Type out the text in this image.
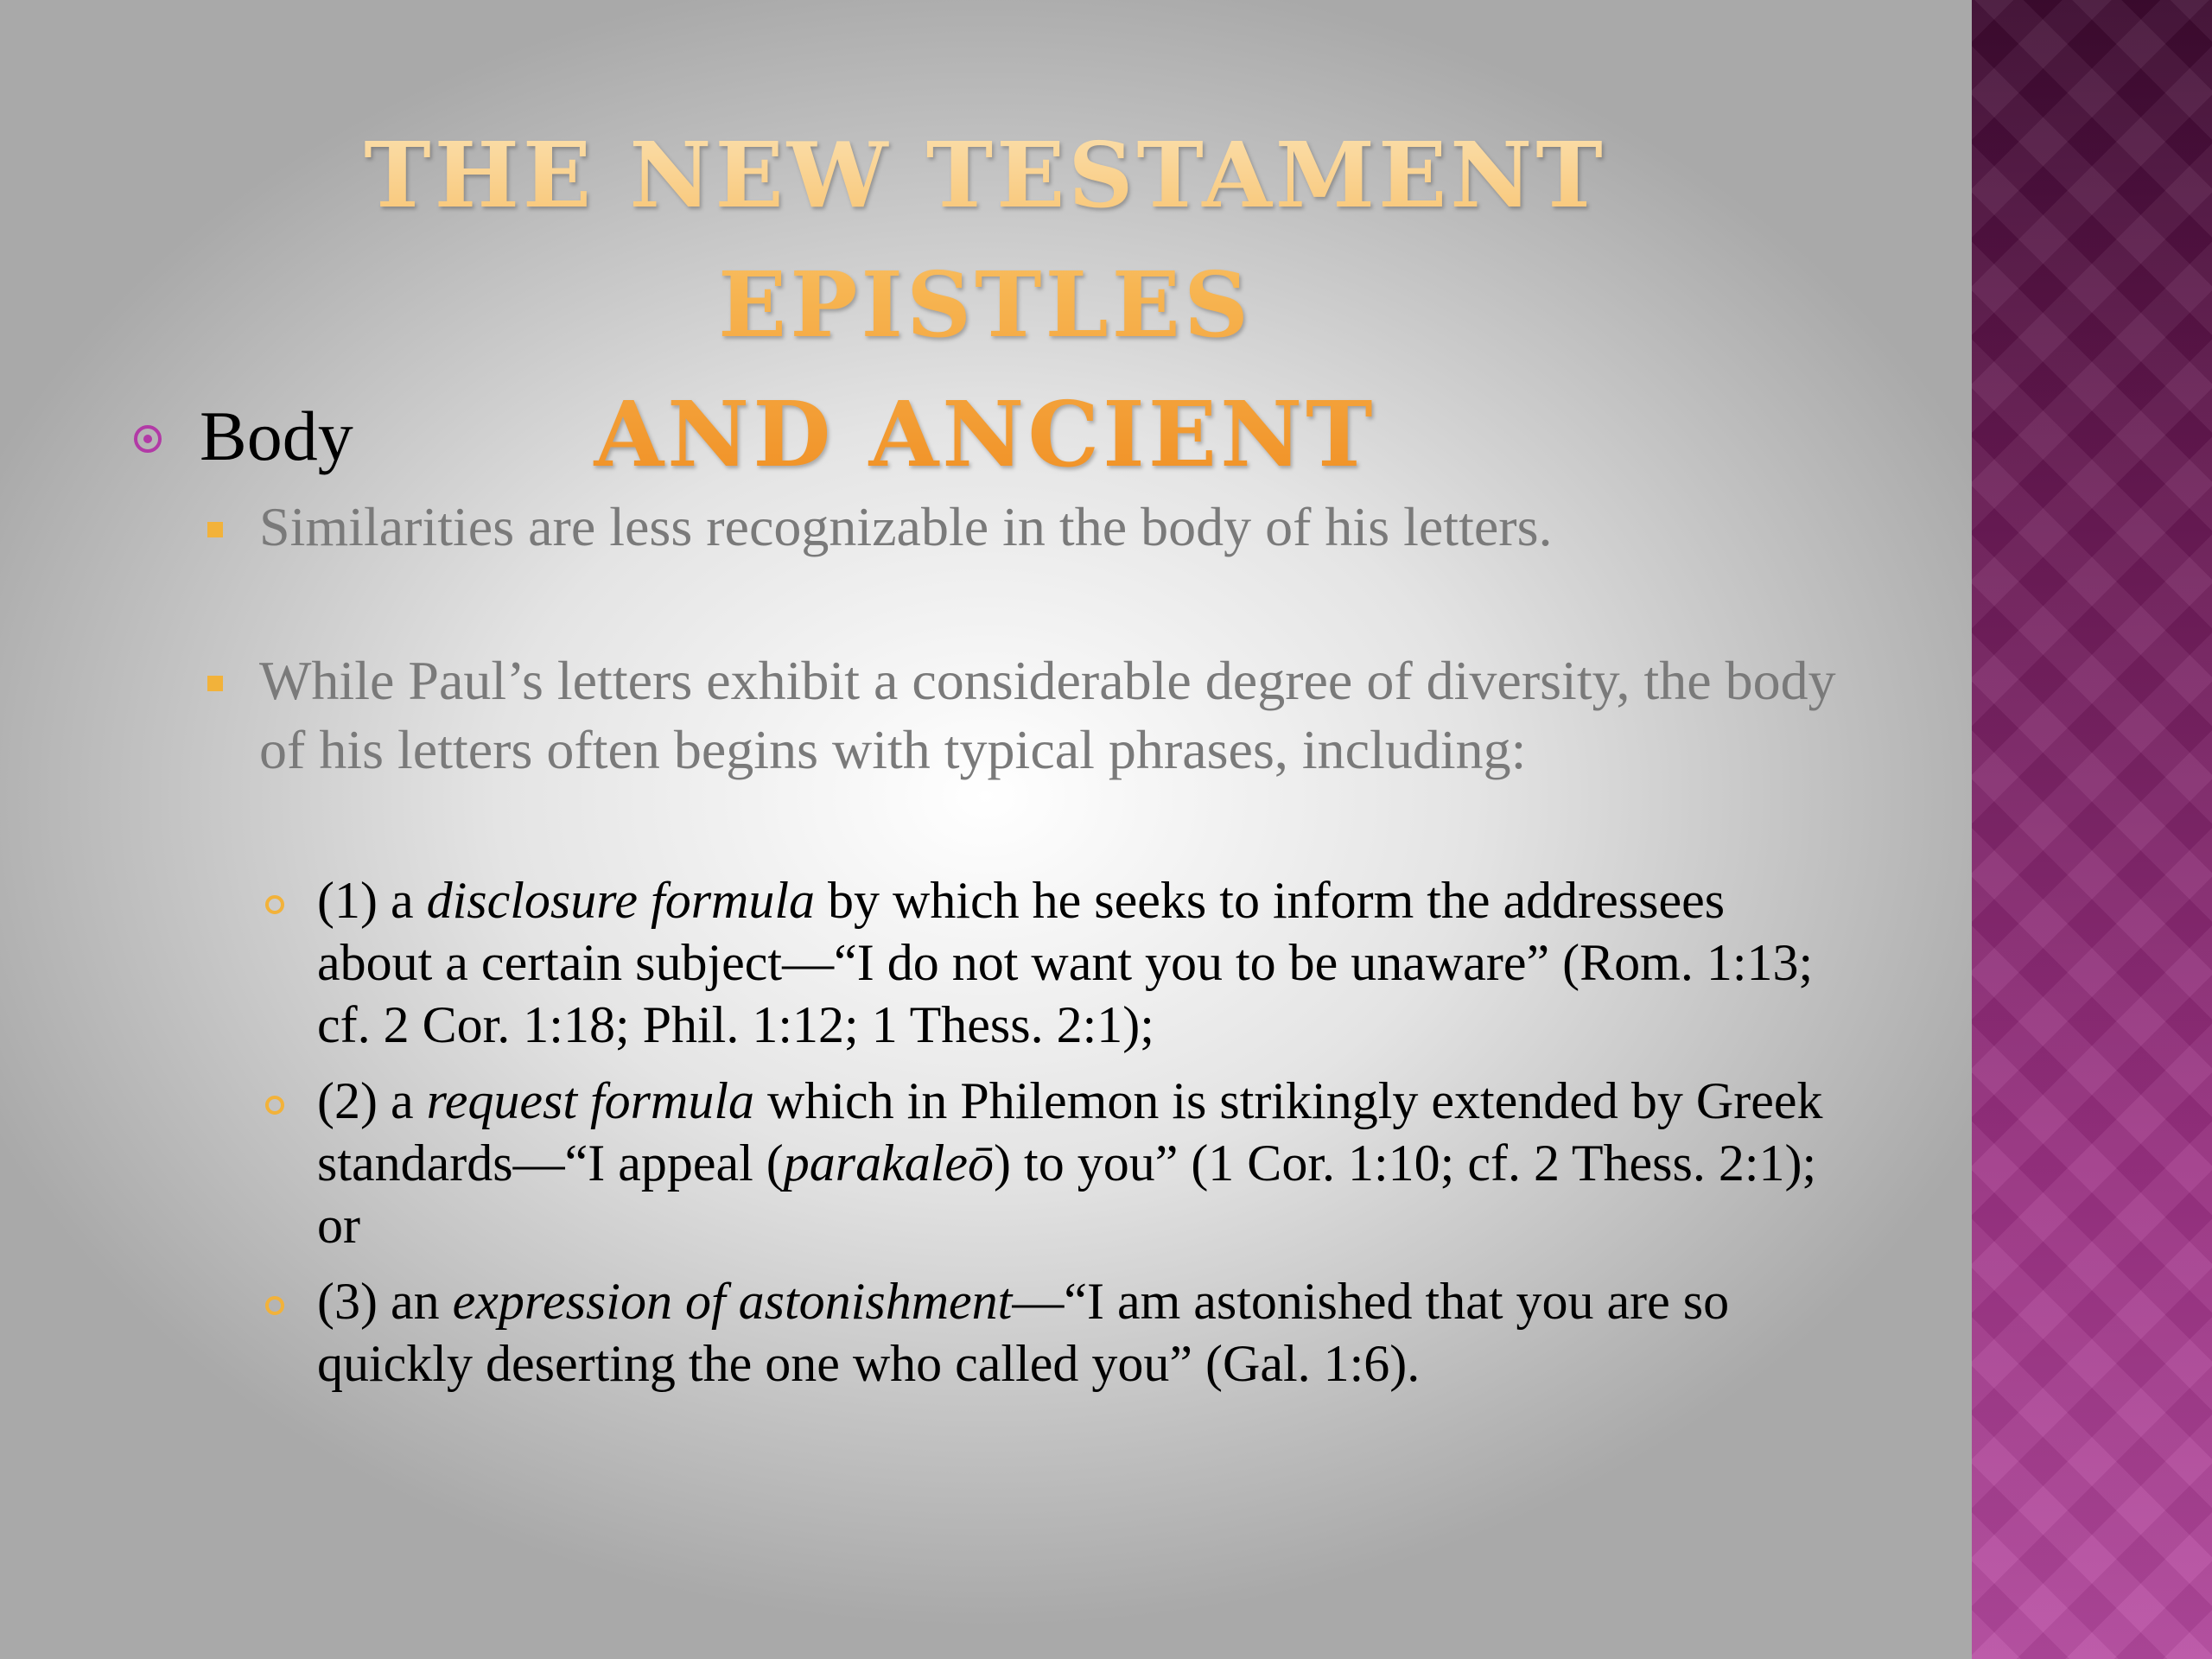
THE NEW TESTAMENT EPISTLES
AND ANCIENT
Body
Similarities are less recognizable in the body of his letters.
While Paul’s letters exhibit a considerable degree of diversity, the body of his letters often begins with typical phrases, including:
(1) a disclosure formula by which he seeks to inform the addressees about a certain subject—“I do not want you to be unaware” (Rom. 1:13; cf. 2 Cor. 1:18; Phil. 1:12; 1 Thess. 2:1);
(2) a request formula which in Philemon is strikingly extended by Greek standards—“I appeal (parakaleō) to you” (1 Cor. 1:10; cf. 2 Thess. 2:1); or
(3) an expression of astonishment—“I am astonished that you are so quickly deserting the one who called you” (Gal. 1:6).
